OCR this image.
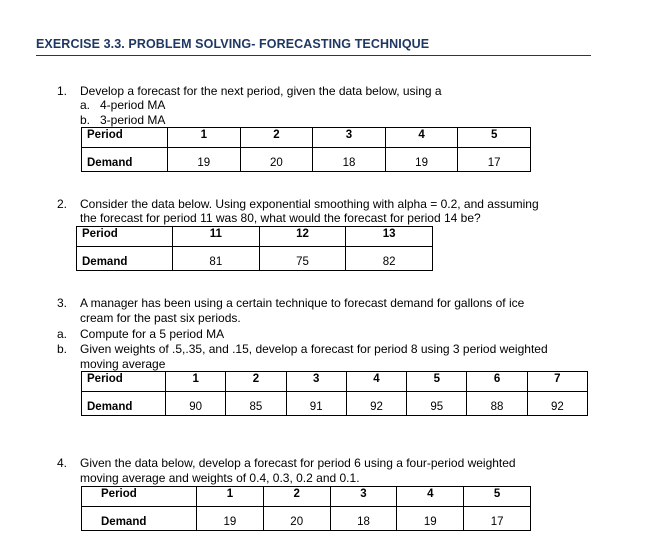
EXERCISE 3.3. PROBLEM SOLVING- FORECASTING TECHNIQUE
1. Develop a forecast for the next period, given the data below, using a
a. 4-period MA
b. 3-period MA
Period	1	2	3	4	5
Demand	19	20	18	19	17
2. Consider the data below. Using exponential smoothing with alpha = 0.2, and assuming
the forecast for period 11 was 80, what would the forecast for period 14 be?
Period	11	12	13
Demand	81	75	82
3. A manager has been using a certain technique to forecast demand for gallons of ice
cream for the past six periods.
a. Compute for a 5 period MA
b. Given weights of .5,.35, and .15, develop a forecast for period 8 using 3 period weighted
moving average
Period	1	2	3	4	5	6	7
Demand	90	85	91	92	95	88	92
4. Given the data below, develop a forecast for period 6 using a four-period weighted
moving average and weights of 0.4, 0.3, 0.2 and 0.1.
Period	1	2	3	4	5
Demand	19	20	18	19	17
